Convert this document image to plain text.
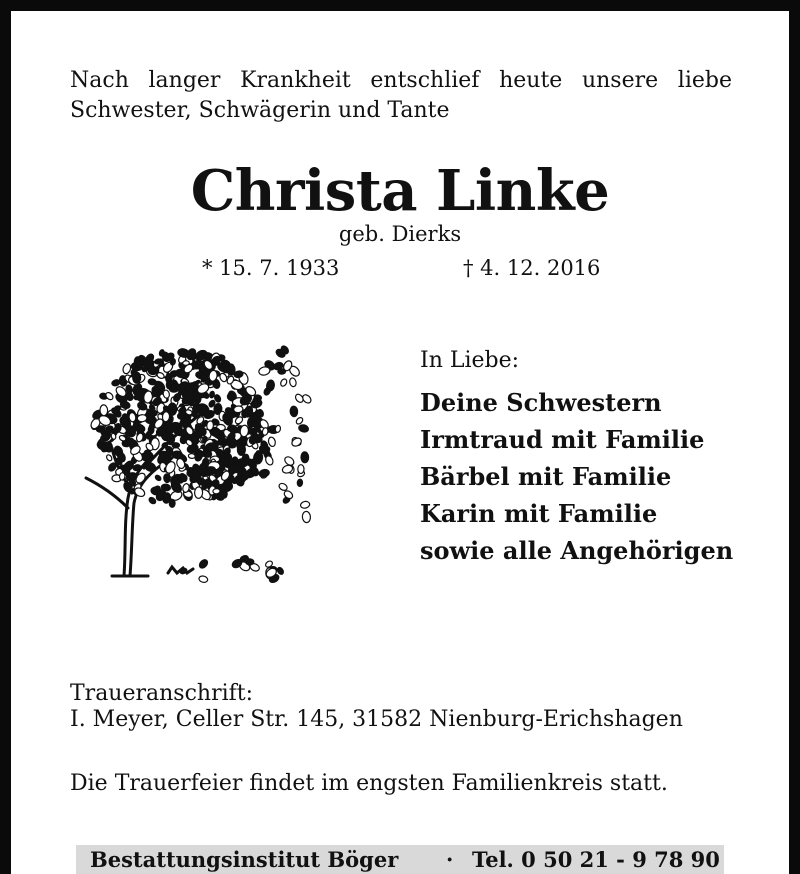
Nach langer Krankheit entschlief heute unsere liebe
Schwester, Schwägerin und Tante
Christa Linke
geb. Dierks
* 15. 7. 1933	† 4. 12. 2016
In Liebe:
Deine Schwestern
Irmtraud mit Familie
Bärbel mit Familie
Karin mit Familie
sowie alle Angehörigen
Traueranschrift:
I. Meyer, Celler Str. 145, 31582 Nienburg-Erichshagen
Die Trauerfeier findet im engsten Familienkreis statt.
Bestattungsinstitut Böger · Tel. 0 50 21 - 9 78 90
